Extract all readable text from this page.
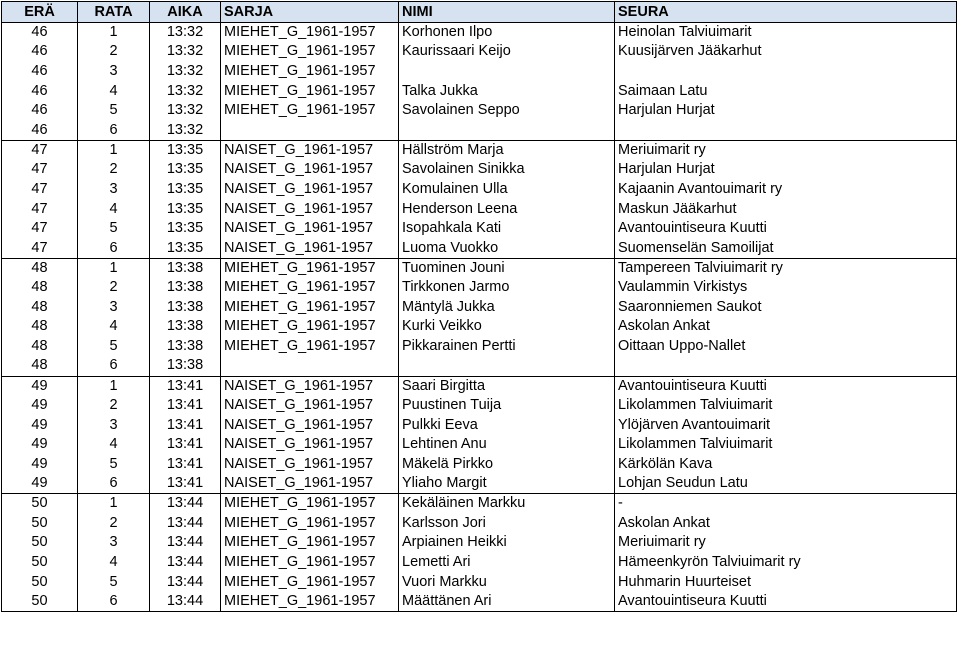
ERÄ	RATA	AIKA	SARJA	NIMI	SEURA
46	1	13:32	MIEHET_G_1961-1957	Korhonen Ilpo	Heinolan Talviuimarit
46	2	13:32	MIEHET_G_1961-1957	Kaurissaari Keijo	Kuusijärven Jääkarhut
46	3	13:32	MIEHET_G_1961-1957		
46	4	13:32	MIEHET_G_1961-1957	Talka Jukka	Saimaan Latu
46	5	13:32	MIEHET_G_1961-1957	Savolainen Seppo	Harjulan Hurjat
46	6	13:32			
47	1	13:35	NAISET_G_1961-1957	Hällström Marja	Meriuimarit ry
47	2	13:35	NAISET_G_1961-1957	Savolainen Sinikka	Harjulan Hurjat
47	3	13:35	NAISET_G_1961-1957	Komulainen Ulla	Kajaanin Avantouimarit ry
47	4	13:35	NAISET_G_1961-1957	Henderson Leena	Maskun Jääkarhut
47	5	13:35	NAISET_G_1961-1957	Isopahkala Kati	Avantouintiseura Kuutti
47	6	13:35	NAISET_G_1961-1957	Luoma Vuokko	Suomenselän Samoilijat
48	1	13:38	MIEHET_G_1961-1957	Tuominen Jouni	Tampereen Talviuimarit ry
48	2	13:38	MIEHET_G_1961-1957	Tirkkonen Jarmo	Vaulammin Virkistys
48	3	13:38	MIEHET_G_1961-1957	Mäntylä Jukka	Saaronniemen Saukot
48	4	13:38	MIEHET_G_1961-1957	Kurki Veikko	Askolan Ankat
48	5	13:38	MIEHET_G_1961-1957	Pikkarainen Pertti	Oittaan Uppo-Nallet
48	6	13:38			
49	1	13:41	NAISET_G_1961-1957	Saari Birgitta	Avantouintiseura Kuutti
49	2	13:41	NAISET_G_1961-1957	Puustinen Tuija	Likolammen Talviuimarit
49	3	13:41	NAISET_G_1961-1957	Pulkki Eeva	Ylöjärven Avantouimarit
49	4	13:41	NAISET_G_1961-1957	Lehtinen Anu	Likolammen Talviuimarit
49	5	13:41	NAISET_G_1961-1957	Mäkelä Pirkko	Kärkölän Kava
49	6	13:41	NAISET_G_1961-1957	Yliaho Margit	Lohjan Seudun Latu
50	1	13:44	MIEHET_G_1961-1957	Kekäläinen Markku	-
50	2	13:44	MIEHET_G_1961-1957	Karlsson Jori	Askolan Ankat
50	3	13:44	MIEHET_G_1961-1957	Arpiainen Heikki	Meriuimarit ry
50	4	13:44	MIEHET_G_1961-1957	Lemetti Ari	Hämeenkyrön Talviuimarit ry
50	5	13:44	MIEHET_G_1961-1957	Vuori Markku	Huhmarin Huurteiset
50	6	13:44	MIEHET_G_1961-1957	Määttänen Ari	Avantouintiseura Kuutti
